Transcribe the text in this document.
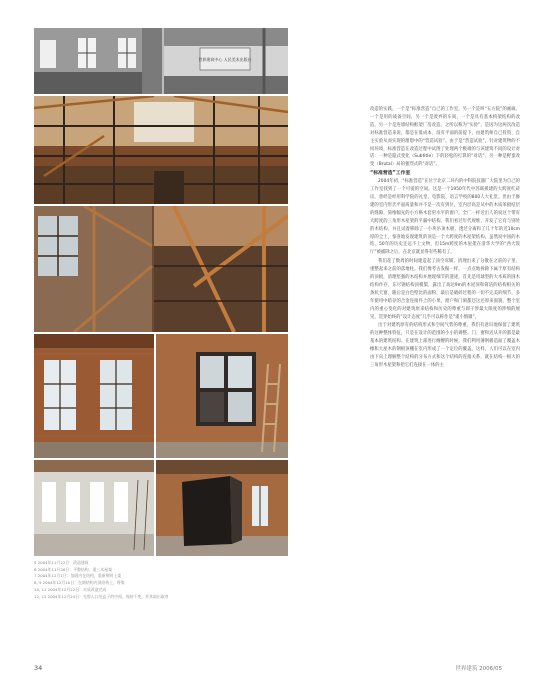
世界建筑中心 人民美术出版社

改造的实践，一个是“标准营造”自己的工作室，另一个是叫“五方院”的画廊，一个是用的战备空间，另一个是废弃的车间，一个是具有基本构架结构的改造，另一个是连墙结构框架厂房改造。之所以称为“实验”，是因为这两次改造对标准营造来说，都是在低成本、没有平面的前提下，由建筑师自己投资、自主实验从而实现的理想中的“营造试验”。由于是“营造试验”，针对建筑物的不同环境，标准营造在改造过程中试图了处理两个极端的与该建筑不同的设计对话：一种是隐式变化（Subtitle）下的轻松的打算的“对话”，另一种是野蛮改变（Brutal）局的强烈式的“对话”。

“标准营造”工作室

2004年初，“标准营造”在位于北京二环内的中科院仪器厂大院里为自己的工作室找到了一个可爱的空间。这是一个1950年代中苏联援建的大跨度红砖房，曾经是经用科学院的礼堂、电影院、语言学校的800人大礼堂。但由于修建的室内形氏平面质量和并不是一次有到位，室内层高是从中的木质苯板结层的缝隙，简维幅先的小方格木套窑水平的窗户，全厂一样近出人的说这个带有大跨度的三角形木屋架的平漏中结构。我们看过年代规堆、开发了它有与别处的木结构，并且试着移除了一小块吊顶木板，透过分离和了几十年的近10cm厚的尘土，惊喜地发现建筑的顶是一个大跨度的木屋架结构，虽然说中国的木结，50年的历史还远不上文物，但15m跨度的木屋架在清华大学的“西大饭厅”被捕除之后，在北京就显得有些稀有了。

我们花了数周的时间建造起了顶空床铺、清理出来了分散在之前的子里、重整起来之前的落地柱。我们像考古发掘一样，一点点地拆除下属于原有结构的顶板，清理堅强的木结构并展现细节的遗迹，首先是用球型的大木质的圆木结构作存，东尽钢结构顶模槃，露出了高达9m的木屋顶和简洁的结构相关的条状天窗，随后是白色壁比的面粉，最后是破碎过程的一切不完美的细节，多年使用中暗存的合金连接件上的小果，窗户和门洞都还这还原来面貌，整个室内的重心变化的对建筑原来结构和历史的尊重与即干涉最大限度的涉细的展见，贯穿始终的“设计态度”几乎可以称作是“谨小慎微”。

出于对建筑原有的结构形式和空间气势的尊重，我们有意识地保留了建筑的这种整体特征，只是在设计的范围的小小的调整。门、窗和近从开的都是最基本的建筑结构。在建筑上部进行缠缭的时候，我们利用薄钢板造面了覆盖木橡和大屋木的钢板顶棚在室内形成了一个定位的覆盖。这样，人们可以在室内由下向上理解整个结构的分布方式和这个结构的连接关系，就在结构一根大的三角形木屋架和把它们连接在一体的主

5 2004年11月22日：改造建筑
6 2004年11月26日：平整结构，重三木屋架
7 2004年12月1日：加固内在结构，重新照明上架
8, 9 2004年12月10日：在钢结构内顶结构上，将集
10, 11 2004年12月22日：实质改造完成
12, 13 2004年12月24日：先那入口处盒子的中间，保持不变，并其取出取用
34	世界建筑 2006/05
